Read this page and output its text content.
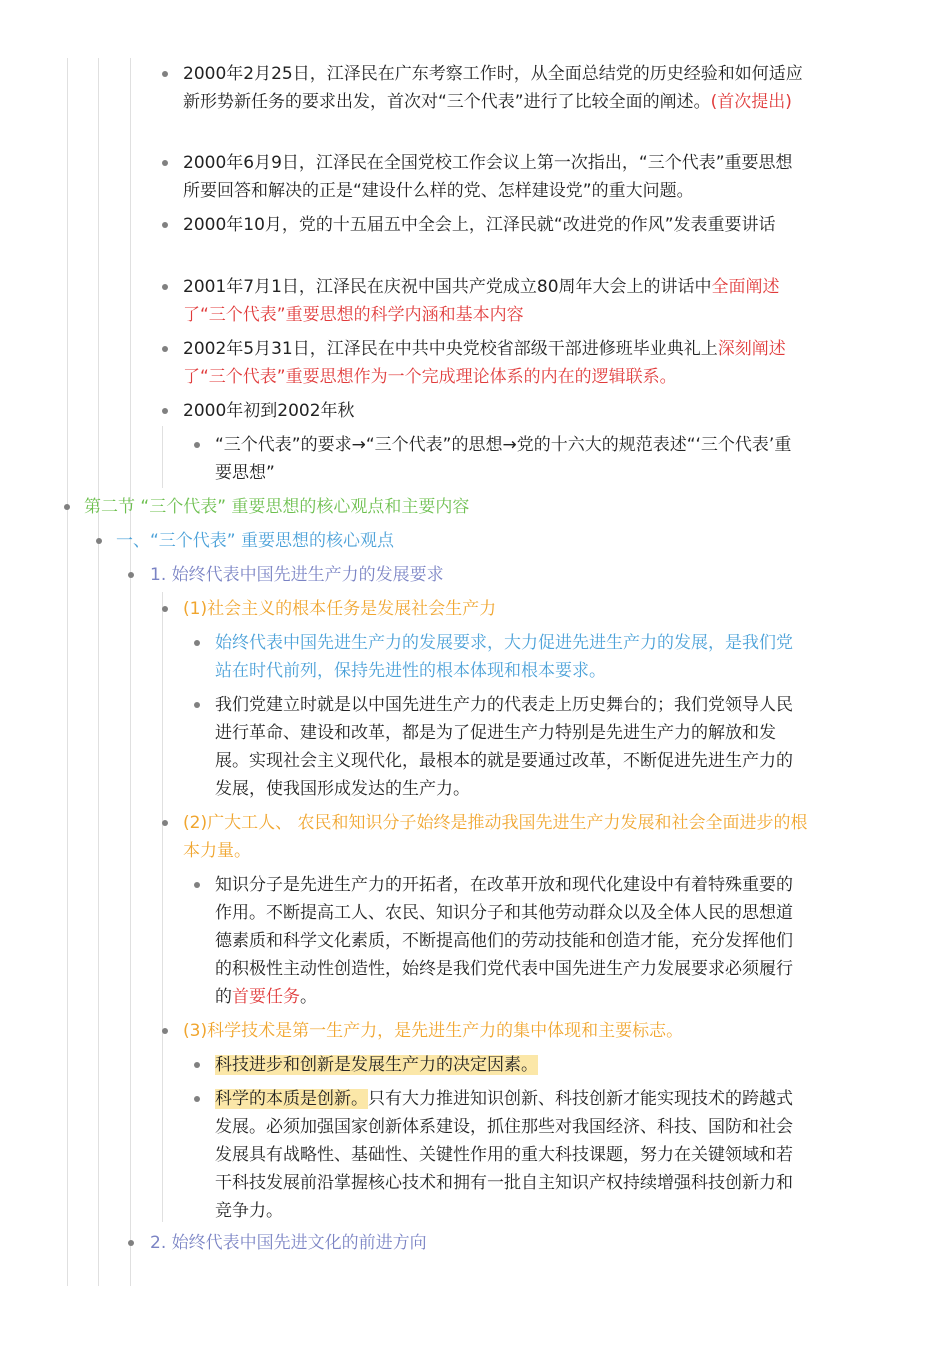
2000年2月25日，江泽民在广东考察工作时，从全面总结党的历史经验和如何适应新形势新任务的要求出发，首次对“三个代表”进行了比较全面的阐述。(首次提出)
2000年6月9日，江泽民在全国党校工作会议上第一次指出，“三个代表”重要思想所要回答和解决的正是“建设什么样的党、怎样建设党”的重大问题。
2000年10月，党的十五届五中全会上，江泽民就“改进党的作风”发表重要讲话
2001年7月1日，江泽民在庆祝中国共产党成立80周年大会上的讲话中全面阐述了“三个代表”重要思想的科学内涵和基本内容
2002年5月31日，江泽民在中共中央党校省部级干部进修班毕业典礼上深刻阐述了“三个代表”重要思想作为一个完成理论体系的内在的逻辑联系。
2000年初到2002年秋
“三个代表”的要求→“三个代表”的思想→党的十六大的规范表述“‘三个代表’重要思想”
第二节 “三个代表” 重要思想的核心观点和主要内容
一、“三个代表” 重要思想的核心观点
1. 始终代表中国先进生产力的发展要求
(1)社会主义的根本任务是发展社会生产力
始终代表中国先进生产力的发展要求，大力促进先进生产力的发展，是我们党站在时代前列，保持先进性的根本体现和根本要求。
我们党建立时就是以中国先进生产力的代表走上历史舞台的；我们党领导人民进行革命、建设和改革，都是为了促进生产力特别是先进生产力的解放和发展。实现社会主义现代化，最根本的就是要通过改革，不断促进先进生产力的发展，使我国形成发达的生产力。
(2)广大工人、 农民和知识分子始终是推动我国先进生产力发展和社会全面进步的根本力量。
知识分子是先进生产力的开拓者，在改革开放和现代化建设中有着特殊重要的作用。不断提高工人、农民、知识分子和其他劳动群众以及全体人民的思想道德素质和科学文化素质，不断提高他们的劳动技能和创造才能，充分发挥他们的积极性主动性创造性，始终是我们党代表中国先进生产力发展要求必须履行的首要任务。
(3)科学技术是第一生产力，是先进生产力的集中体现和主要标志。
科技进步和创新是发展生产力的决定因素。
科学的本质是创新。只有大力推进知识创新、科技创新才能实现技术的跨越式发展。必须加强国家创新体系建设，抓住那些对我国经济、科技、国防和社会发展具有战略性、基础性、关键性作用的重大科技课题，努力在关键领域和若干科技发展前沿掌握核心技术和拥有一批自主知识产权持续增强科技创新力和竞争力。
2. 始终代表中国先进文化的前进方向
